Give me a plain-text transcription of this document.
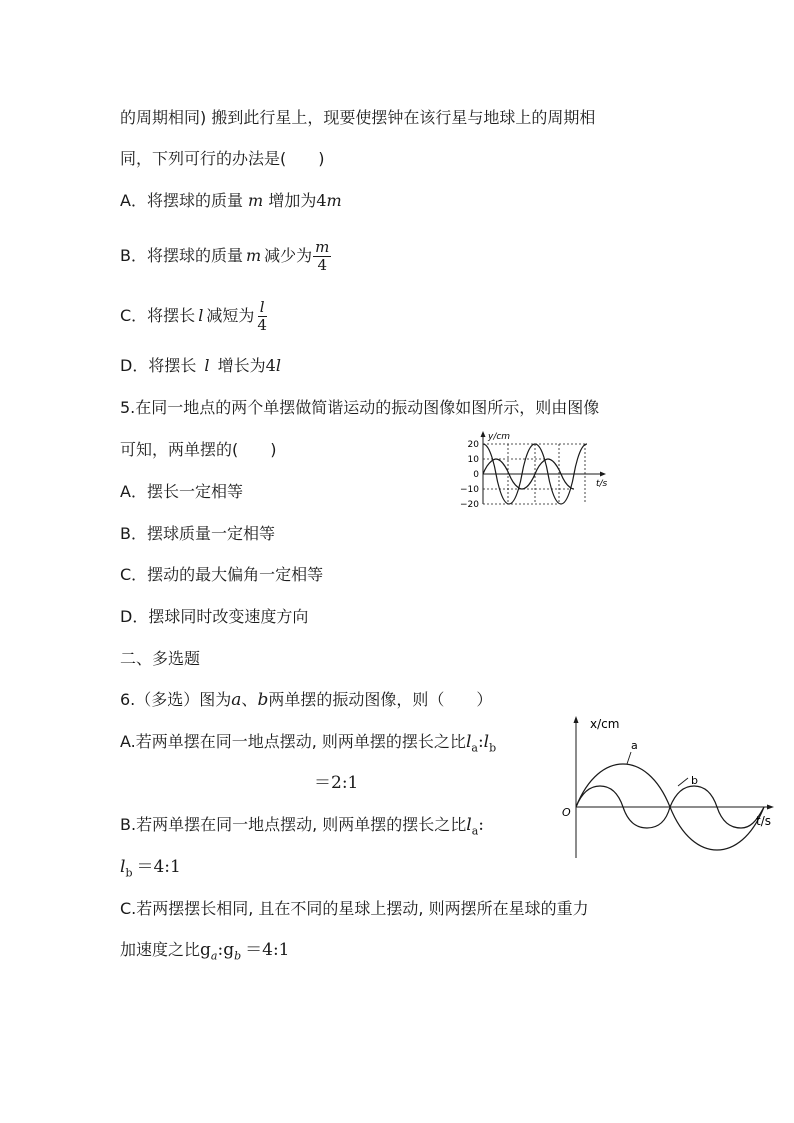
的周期相同) 搬到此行星上，现要使摆钟在该行星与地球上的周期相
同，下列可行的办法是(　　)
A．将摆球的质量 m 增加为4m
B．将摆球的质量 m 减少为 $\frac{m}{4}$
C．将摆长 l 减短为 $\frac{l}{4}$
D．将摆长 l 增长为4l
5.在同一地点的两个单摆做简谐运动的振动图像如图所示，则由图像
可知，两单摆的(　　)
A．摆长一定相等
B．摆球质量一定相等
C．摆动的最大偏角一定相等
D．摆球同时改变速度方向
y/cm
t/s
20
10
0
−10
−20
二、多选题
6.（多选）图为a、b两单摆的振动图像，则（　　）
A.若两单摆在同一地点摆动, 则两单摆的摆长之比$l_a:l_b$
＝2:1
B.若两单摆在同一地点摆动, 则两单摆的摆长之比$l_a$:
$l_b$ ＝4:1
C.若两摆摆长相同, 且在不同的星球上摆动, 则两摆所在星球的重力
加速度之比$g_a:g_b$ ＝4:1
x/cm
t/s
O
a
b
